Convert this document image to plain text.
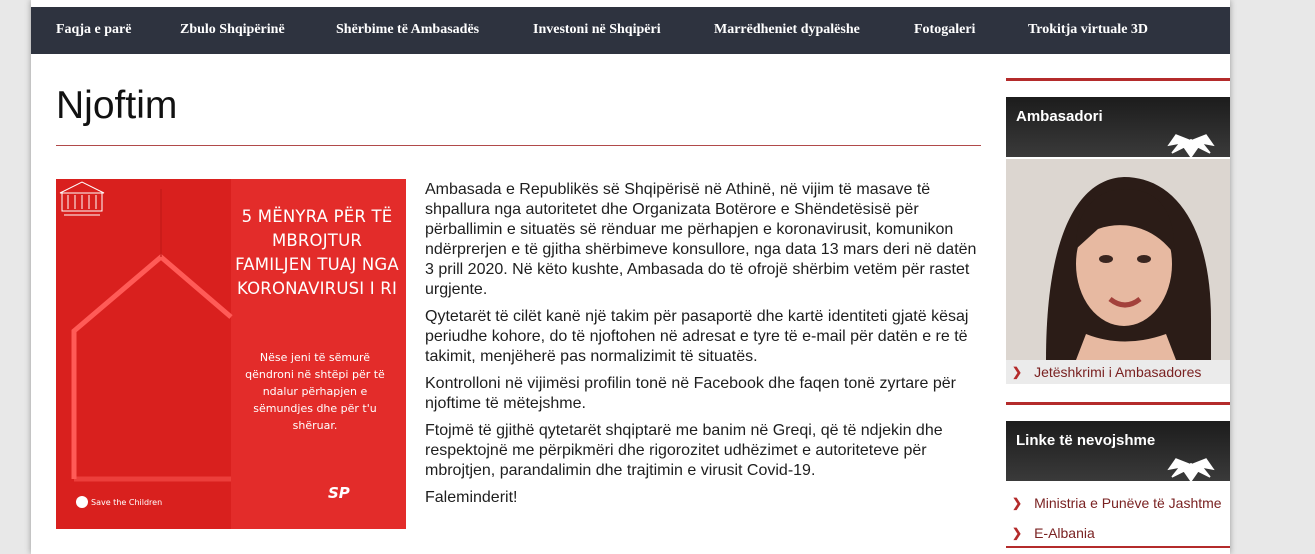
Faqja e parë	Zbulo Shqipërinë	Shërbime të Ambasadës	Investoni në Shqipëri	Marrëdheniet dypalëshe	Fotogaleri	Trokitja virtuale 3D
Njoftim
5 MËNYRA PËR TË MBROJTUR FAMILJEN TUAJ NGA KORONAVIRUSI I RI
Nëse jeni të sëmurë qëndroni në shtëpi për të ndalur përhapjen e sëmundjes dhe për t'u shëruar.
Save the Children	SP

Ambasada e Republikës së Shqipërisë në Athinë, në vijim të masave të shpallura nga autoritetet dhe Organizata Botërore e Shëndetësisë për përballimin e situatës së rënduar me përhapjen e koronavirusit, komunikon ndërprerjen e të gjitha shërbimeve konsullore, nga data 13 mars deri në datën 3 prill 2020. Në këto kushte, Ambasada do të ofrojë shërbim vetëm për rastet urgjente.

Qytetarët të cilët kanë një takim për pasaportë dhe kartë identiteti gjatë kësaj periudhe kohore, do të njoftohen në adresat e tyre të e-mail për datën e re të takimit, menjëherë pas normalizimit të situatës.

Kontrolloni në vijimësi profilin tonë në Facebook dhe faqen tonë zyrtare për njoftime të mëtejshme.

Ftojmë të gjithë qytetarët shqiptarë me banim në Greqi, që të ndjekin dhe respektojnë me përpikmëri dhe rigorozitet udhëzimet e autoriteteve për mbrojtjen, parandalimin dhe trajtimin e virusit Covid-19.

Faleminderit!

Ambasadori
❯ Jetëshkrimi i Ambasadores
Linke të nevojshme
❯ Ministria e Punëve të Jashtme
❯ E-Albania
